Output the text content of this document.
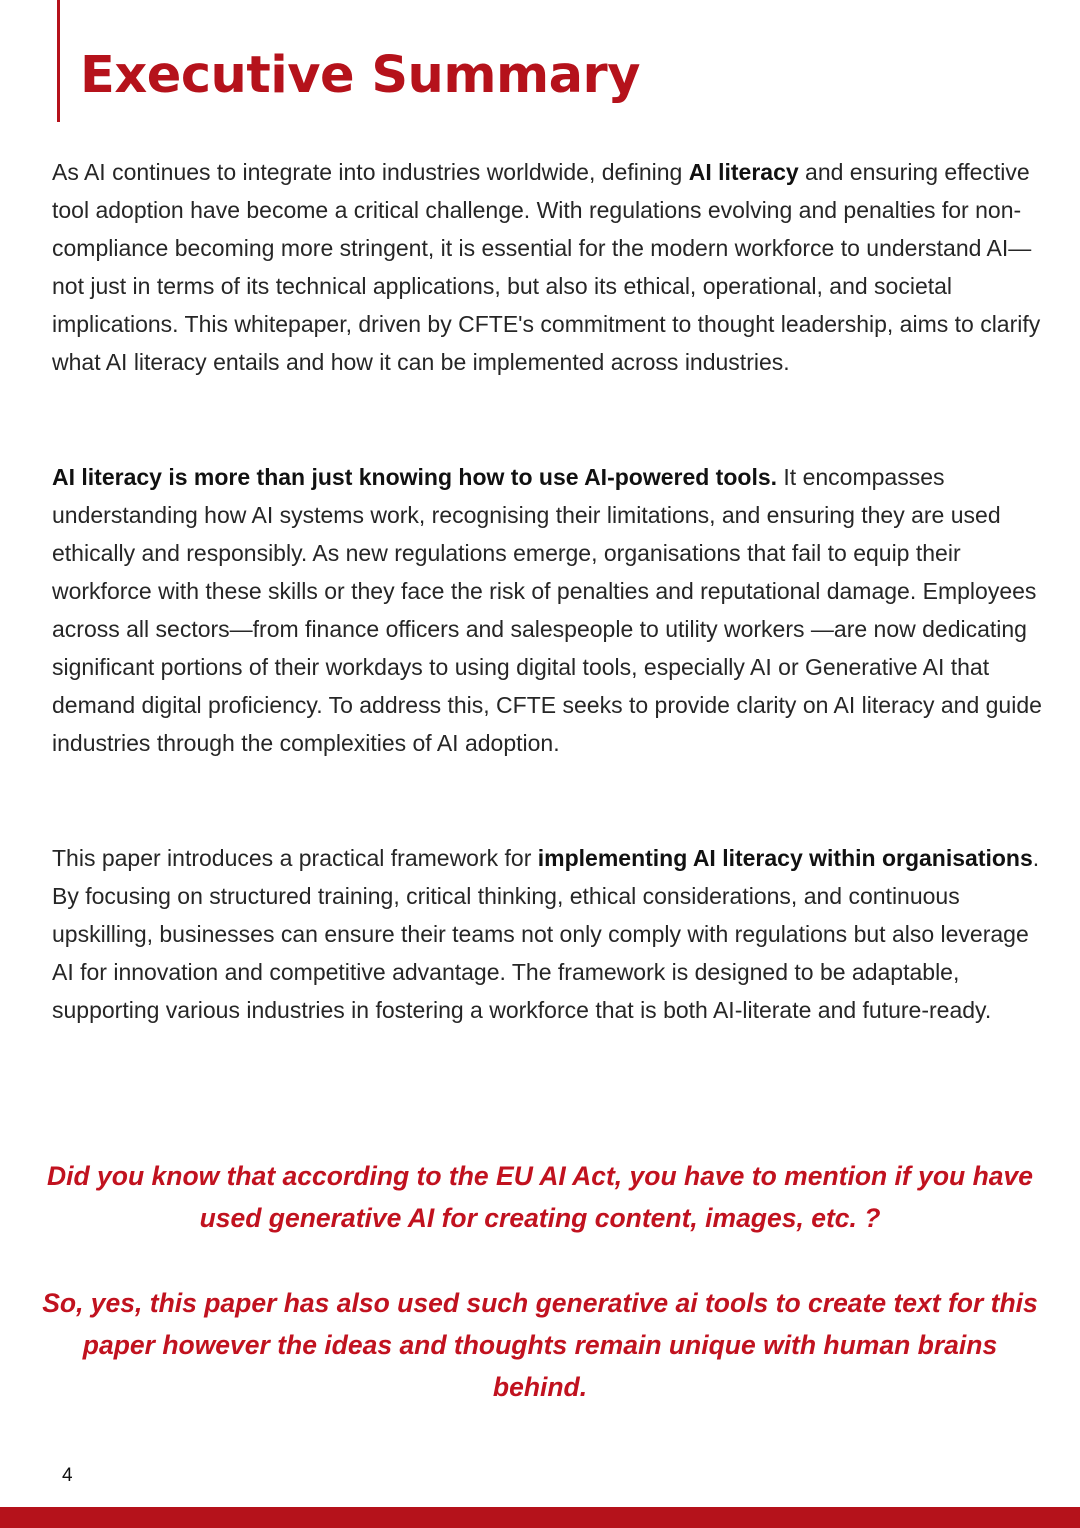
Executive Summary

As AI continues to integrate into industries worldwide, defining AI literacy and ensuring effective tool adoption have become a critical challenge. With regulations evolving and penalties for non-compliance becoming more stringent, it is essential for the modern workforce to understand AI—not just in terms of its technical applications, but also its ethical, operational, and societal implications. This whitepaper, driven by CFTE's commitment to thought leadership, aims to clarify what AI literacy entails and how it can be implemented across industries.

AI literacy is more than just knowing how to use AI-powered tools. It encompasses understanding how AI systems work, recognising their limitations, and ensuring they are used ethically and responsibly. As new regulations emerge, organisations that fail to equip their workforce with these skills or they face the risk of penalties and reputational damage. Employees across all sectors—from finance officers and salespeople to utility workers —are now dedicating significant portions of their workdays to using digital tools, especially AI or Generative AI that demand digital proficiency. To address this, CFTE seeks to provide clarity on AI literacy and guide industries through the complexities of AI adoption.

This paper introduces a practical framework for implementing AI literacy within organisations. By focusing on structured training, critical thinking, ethical considerations, and continuous upskilling, businesses can ensure their teams not only comply with regulations but also leverage AI for innovation and competitive advantage. The framework is designed to be adaptable, supporting various industries in fostering a workforce that is both AI-literate and future-ready.

Did you know that according to the EU AI Act, you have to mention if you have used generative AI for creating content, images, etc. ?

So, yes, this paper has also used such generative ai tools to create text for this paper however the ideas and thoughts remain unique with human brains behind.

4
